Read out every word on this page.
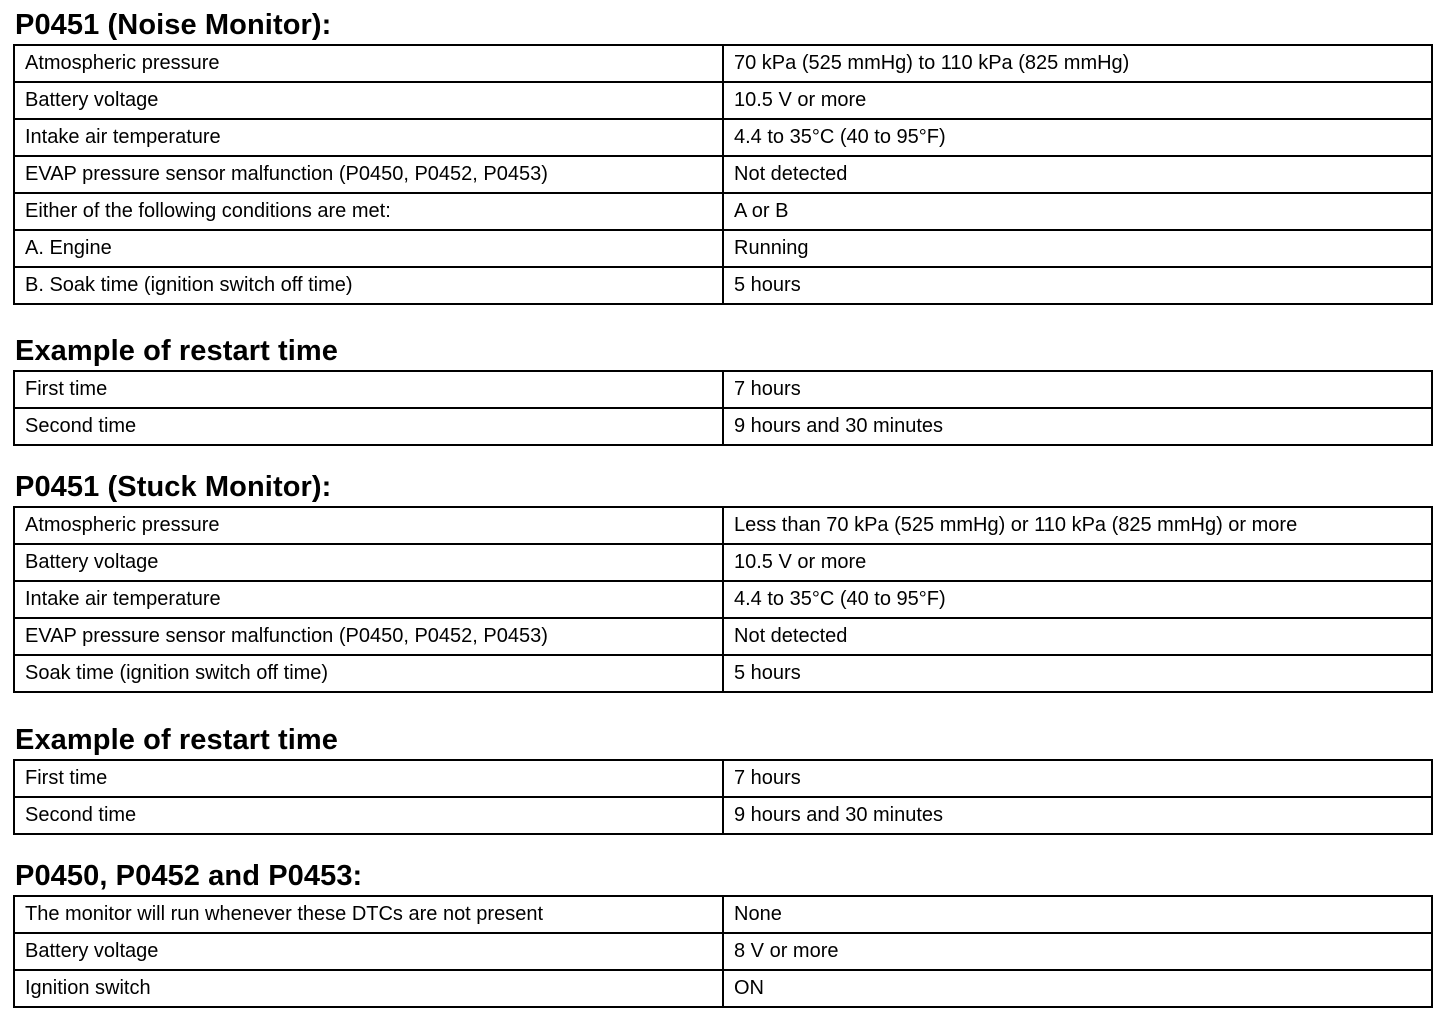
P0451 (Noise Monitor):
Atmospheric pressure	70 kPa (525 mmHg) to 110 kPa (825 mmHg)
Battery voltage	10.5 V or more
Intake air temperature	4.4 to 35°C (40 to 95°F)
EVAP pressure sensor malfunction (P0450, P0452, P0453)	Not detected
Either of the following conditions are met:	A or B
A. Engine	Running
B. Soak time (ignition switch off time)	5 hours
Example of restart time
First time	7 hours
Second time	9 hours and 30 minutes
P0451 (Stuck Monitor):
Atmospheric pressure	Less than 70 kPa (525 mmHg) or 110 kPa (825 mmHg) or more
Battery voltage	10.5 V or more
Intake air temperature	4.4 to 35°C (40 to 95°F)
EVAP pressure sensor malfunction (P0450, P0452, P0453)	Not detected
Soak time (ignition switch off time)	5 hours
Example of restart time
First time	7 hours
Second time	9 hours and 30 minutes
P0450, P0452 and P0453:
The monitor will run whenever these DTCs are not present	None
Battery voltage	8 V or more
Ignition switch	ON
